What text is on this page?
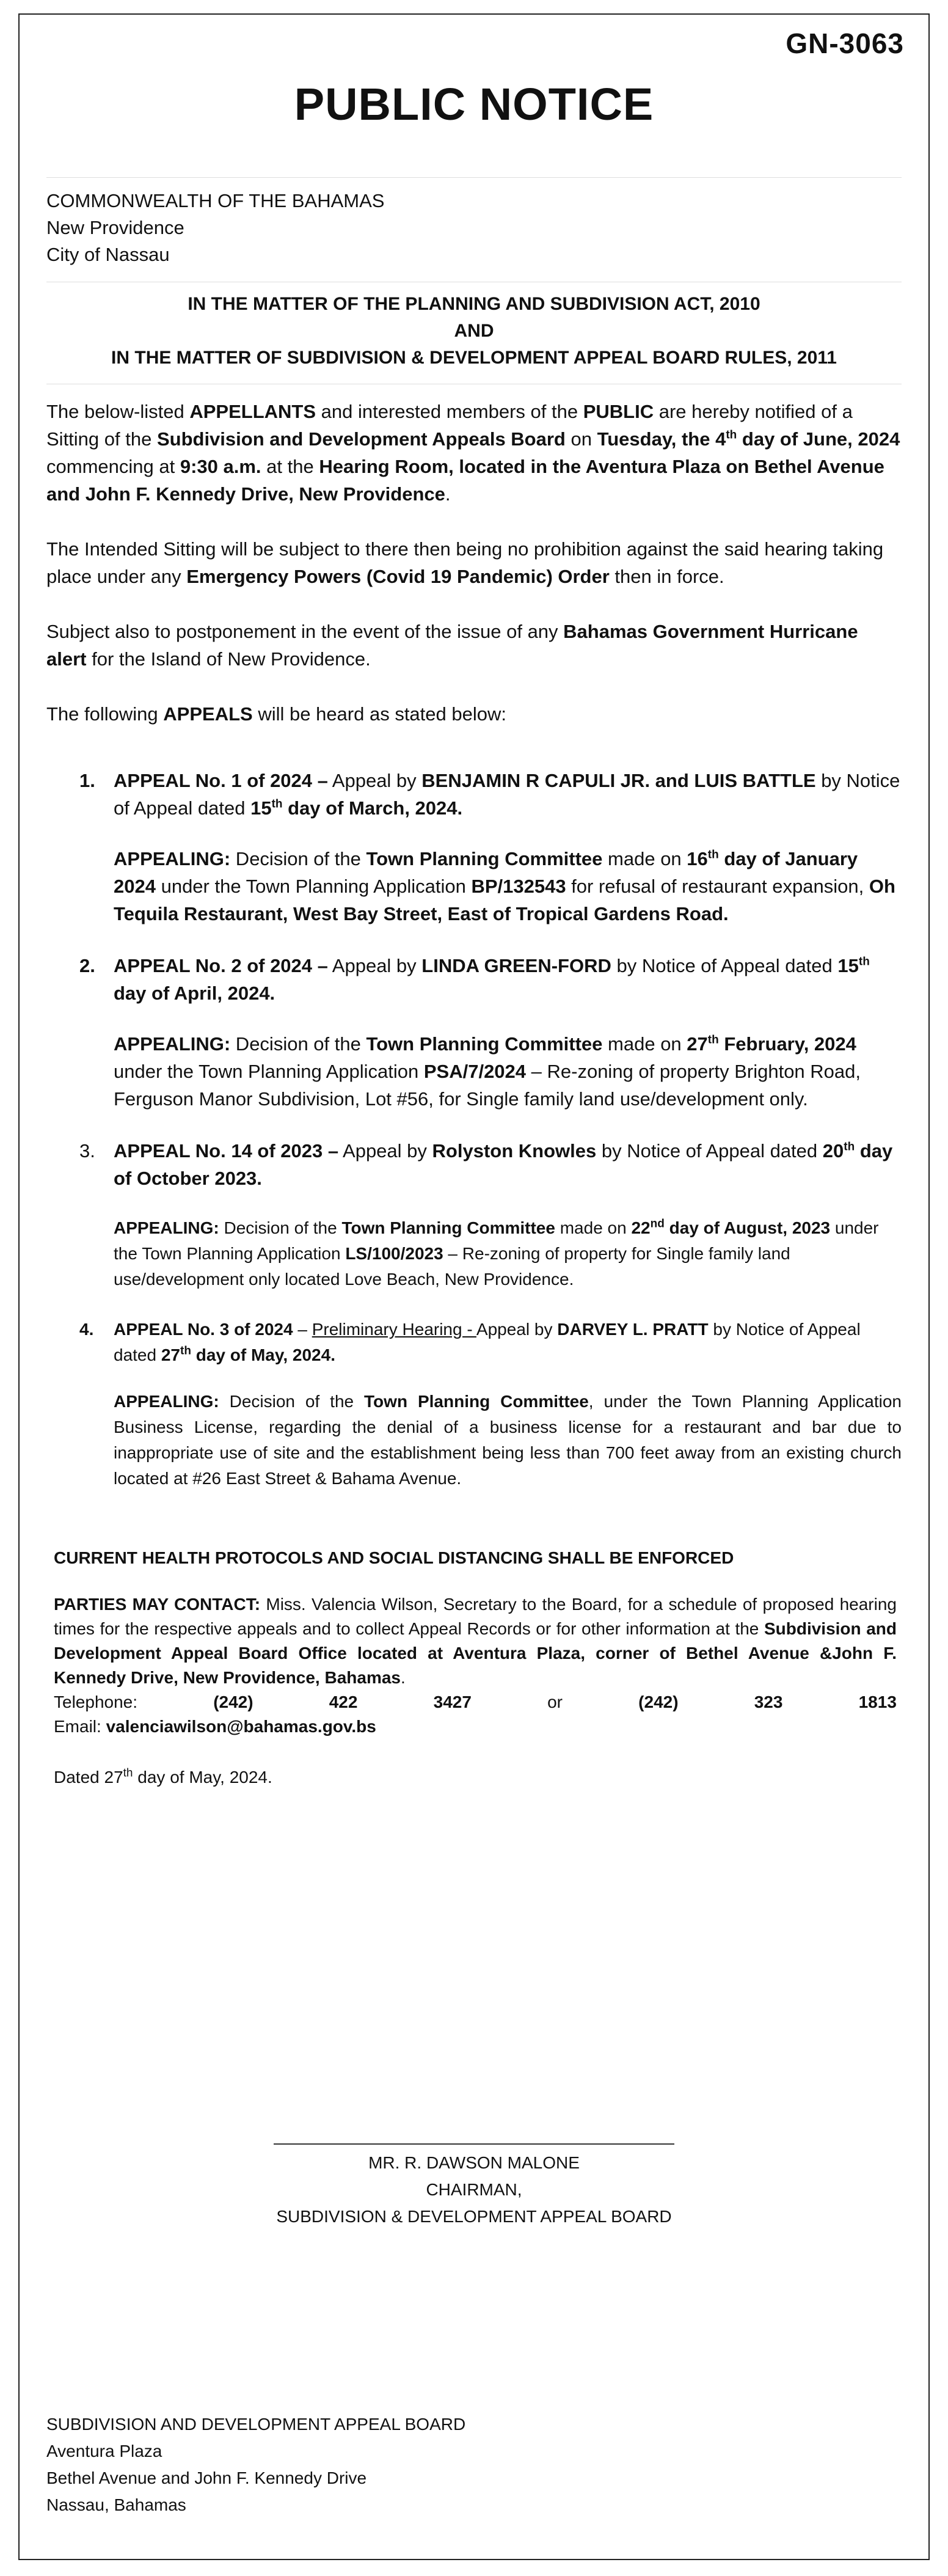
GN-3063
PUBLIC NOTICE
COMMONWEALTH OF THE BAHAMAS
New Providence
City of Nassau
IN THE MATTER OF THE PLANNING AND SUBDIVISION ACT, 2010
AND
IN THE MATTER OF SUBDIVISION & DEVELOPMENT APPEAL BOARD RULES, 2011

The below-listed APPELLANTS and interested members of the PUBLIC are hereby notified of a Sitting of the Subdivision and Development Appeals Board on Tuesday, the 4th day of June, 2024 commencing at 9:30 a.m. at the Hearing Room, located in the Aventura Plaza on Bethel Avenue and John F. Kennedy Drive, New Providence.

The Intended Sitting will be subject to there then being no prohibition against the said hearing taking place under any Emergency Powers (Covid 19 Pandemic) Order then in force.

Subject also to postponement in the event of the issue of any Bahamas Government Hurricane alert for the Island of New Providence.

The following APPEALS will be heard as stated below:

1. APPEAL No. 1 of 2024 – Appeal by BENJAMIN R CAPULI JR. and LUIS BATTLE by Notice of Appeal dated 15th day of March, 2024.

APPEALING: Decision of the Town Planning Committee made on 16th day of January 2024 under the Town Planning Application BP/132543 for refusal of restaurant expansion, Oh Tequila Restaurant, West Bay Street, East of Tropical Gardens Road.

2. APPEAL No. 2 of 2024 – Appeal by LINDA GREEN-FORD by Notice of Appeal dated 15th day of April, 2024.

APPEALING: Decision of the Town Planning Committee made on 27th February, 2024 under the Town Planning Application PSA/7/2024 – Re-zoning of property Brighton Road, Ferguson Manor Subdivision, Lot #56, for Single family land use/development only.

3. APPEAL No. 14 of 2023 – Appeal by Rolyston Knowles by Notice of Appeal dated 20th day of October 2023.

APPEALING: Decision of the Town Planning Committee made on 22nd day of August, 2023 under the Town Planning Application LS/100/2023 – Re-zoning of property for Single family land use/development only located Love Beach, New Providence.

4. APPEAL No. 3 of 2024 – Preliminary Hearing - Appeal by DARVEY L. PRATT by Notice of Appeal dated 27th day of May, 2024.

APPEALING: Decision of the Town Planning Committee, under the Town Planning Application Business License, regarding the denial of a business license for a restaurant and bar due to inappropriate use of site and the establishment being less than 700 feet away from an existing church located at #26 East Street & Bahama Avenue.

CURRENT HEALTH PROTOCOLS AND SOCIAL DISTANCING SHALL BE ENFORCED

PARTIES MAY CONTACT: Miss. Valencia Wilson, Secretary to the Board, for a schedule of proposed hearing times for the respective appeals and to collect Appeal Records or for other information at the Subdivision and Development Appeal Board Office located at Aventura Plaza, corner of Bethel Avenue &John F. Kennedy Drive, New Providence, Bahamas.

Telephone:	(242)	422	3427	or	(242)	323	1813
Email: valenciawilson@bahamas.gov.bs
Dated 27th day of May, 2024.
MR. R. DAWSON MALONE
CHAIRMAN,
SUBDIVISION & DEVELOPMENT APPEAL BOARD
SUBDIVISION AND DEVELOPMENT APPEAL BOARD
Aventura Plaza
Bethel Avenue and John F. Kennedy Drive
Nassau, Bahamas
